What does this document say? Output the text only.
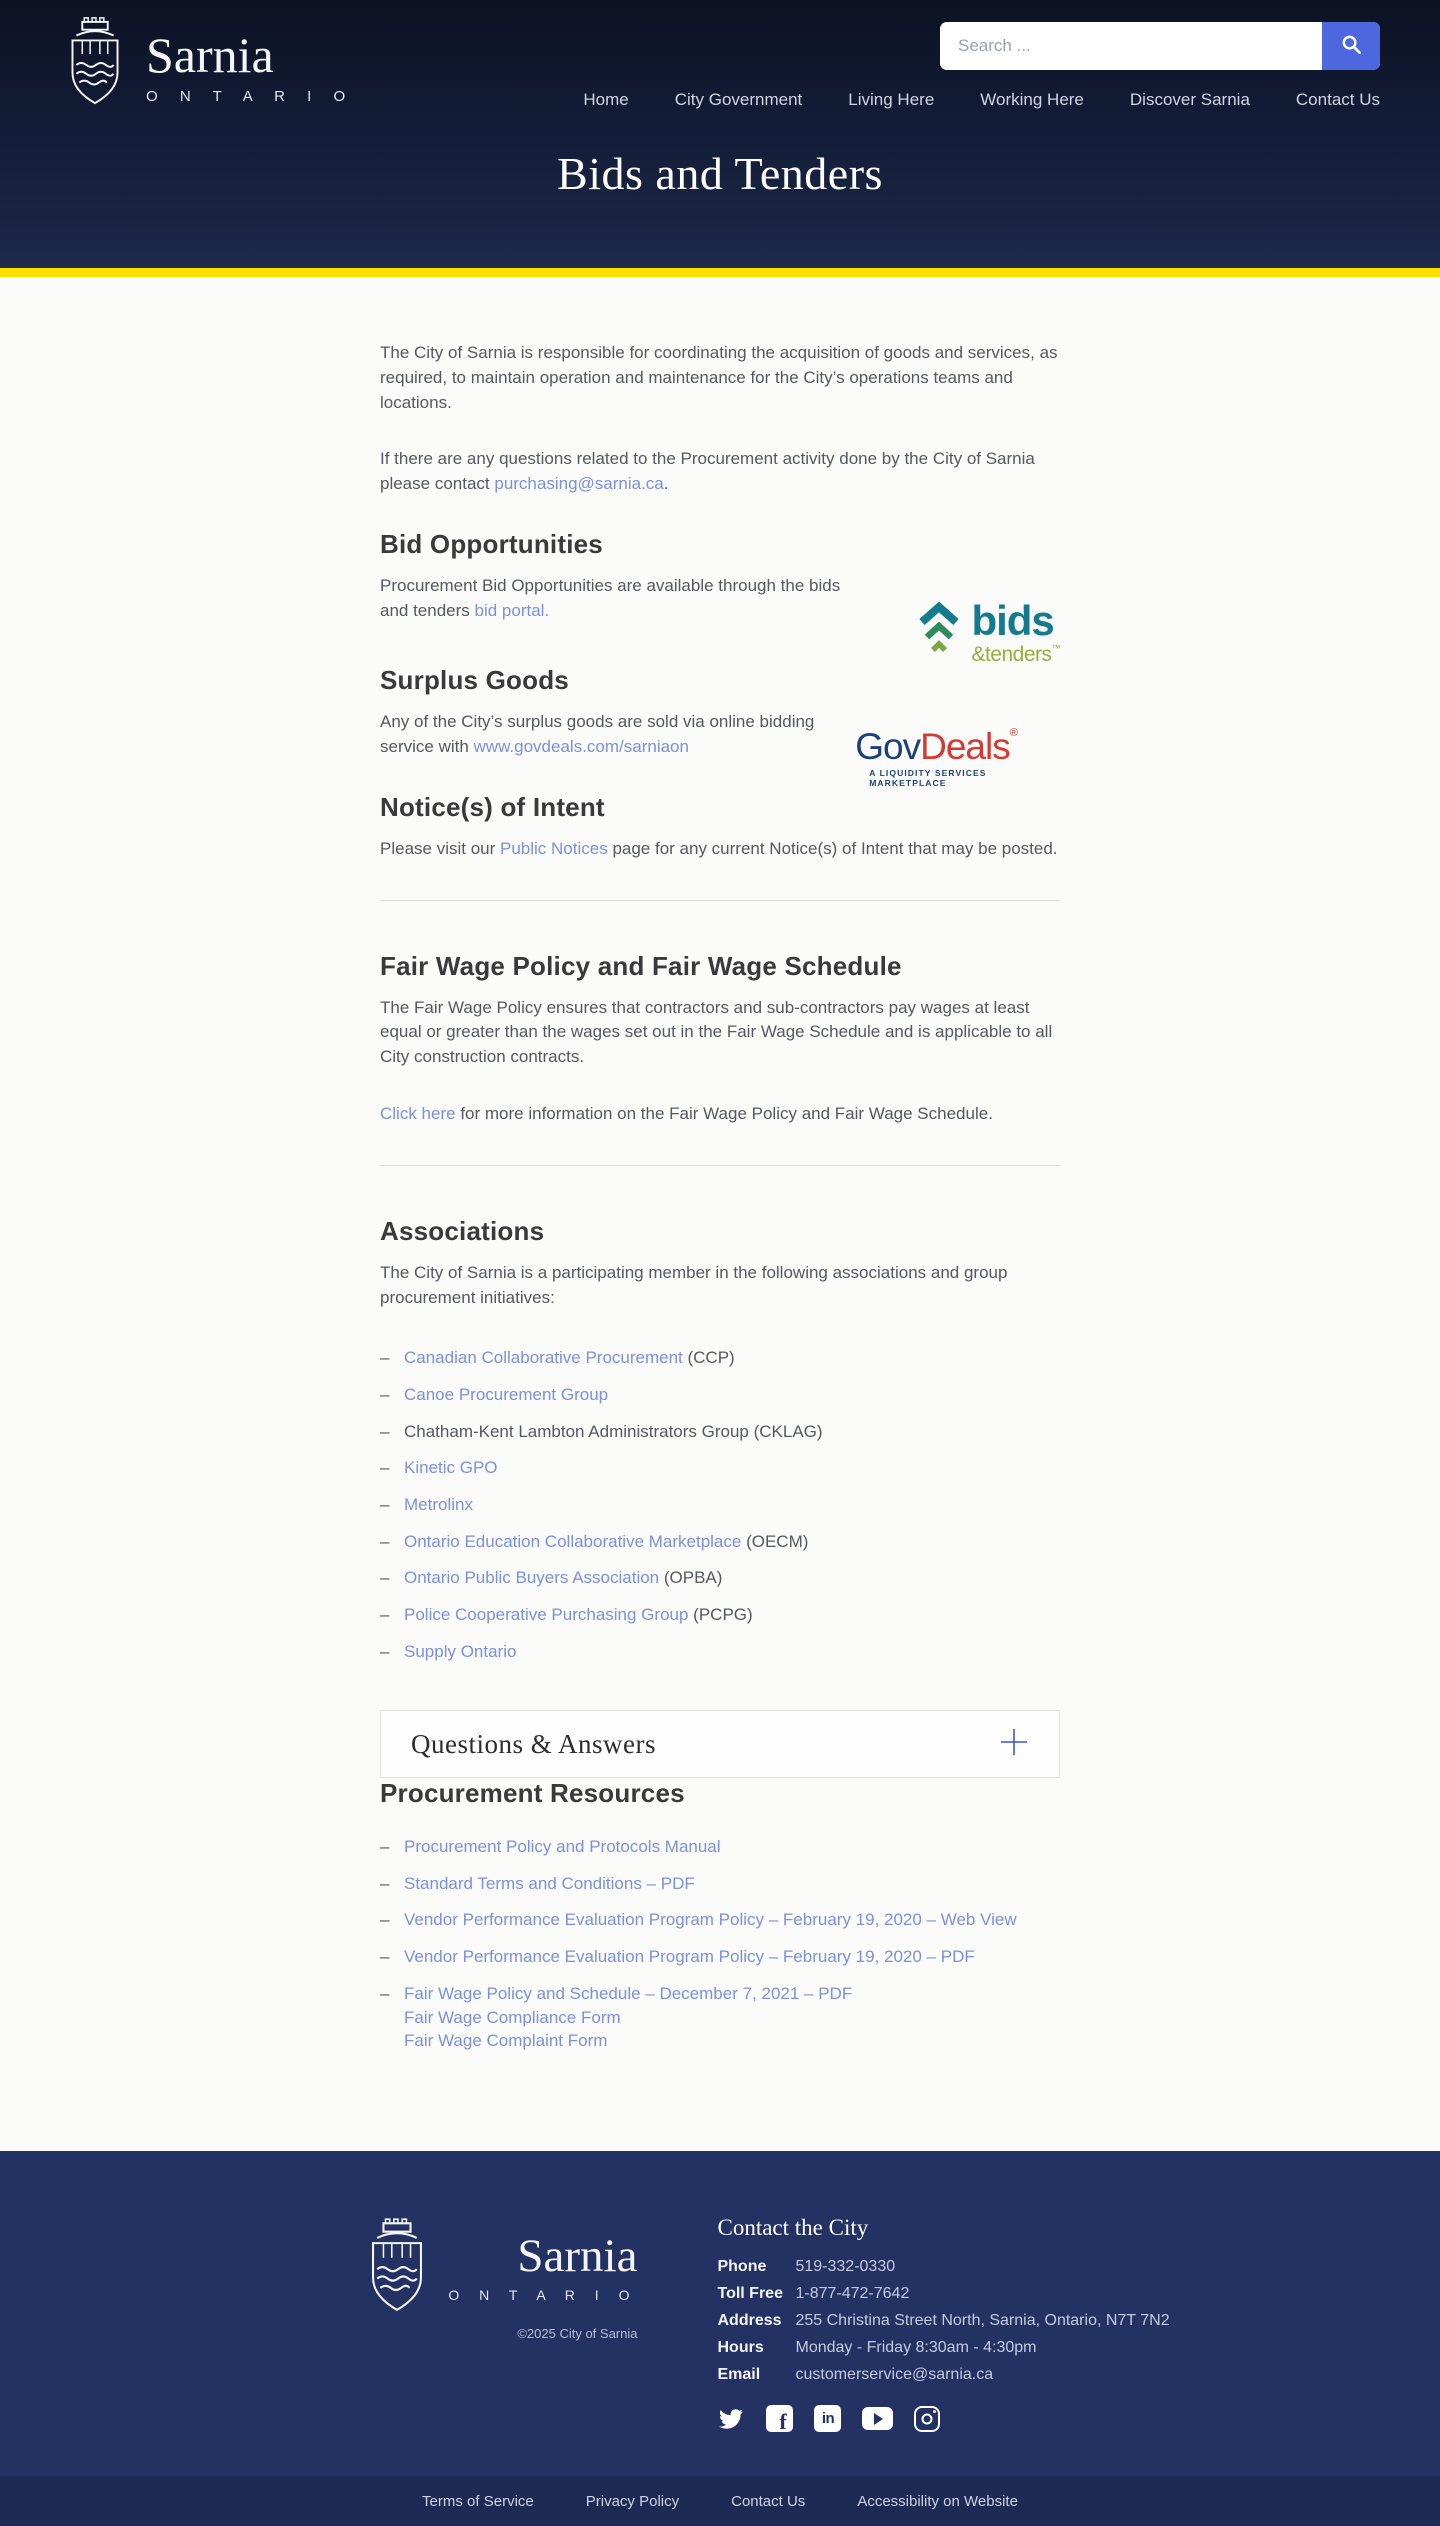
Sarnia
O N T A R I O
Search ...	Home	City Government	Living Here	Working Here	Discover Sarnia	Contact Us
Bids and Tenders

The City of Sarnia is responsible for coordinating the acquisition of goods and services, as required, to maintain operation and maintenance for the City’s operations teams and locations.

If there are any questions related to the Procurement activity done by the City of Sarnia please contact purchasing@sarnia.ca.

Bid Opportunities

Procurement Bid Opportunities are available through the bids and tenders bid portal.	bids
&tenders™
Surplus Goods

Any of the City’s surplus goods are sold via online bidding service with www.govdeals.com/sarniaon	GovDeals®
A LIQUIDITY SERVICES MARKETPLACE
Notice(s) of Intent

Please visit our Public Notices page for any current Notice(s) of Intent that may be posted.

Fair Wage Policy and Fair Wage Schedule

The Fair Wage Policy ensures that contractors and sub-contractors pay wages at least equal or greater than the wages set out in the Fair Wage Schedule and is applicable to all City construction contracts.

Click here for more information on the Fair Wage Policy and Fair Wage Schedule.

Associations

The City of Sarnia is a participating member in the following associations and group procurement initiatives:

– Canadian Collaborative Procurement (CCP)
– Canoe Procurement Group
– Chatham-Kent Lambton Administrators Group (CKLAG)
– Kinetic GPO
– Metrolinx
– Ontario Education Collaborative Marketplace (OECM)
– Ontario Public Buyers Association (OPBA)
– Police Cooperative Purchasing Group (PCPG)
– Supply Ontario
Questions & Answers
Procurement Resources
– Procurement Policy and Protocols Manual
– Standard Terms and Conditions – PDF
– Vendor Performance Evaluation Program Policy – February 19, 2020 – Web View
– Vendor Performance Evaluation Program Policy – February 19, 2020 – PDF
– Fair Wage Policy and Schedule – December 7, 2021 – PDF
Fair Wage Compliance Form
Fair Wage Complaint Form
Sarnia
O N T A R I O
©2025 City of Sarnia
Contact the City
Phone	519-332-0330
Toll Free 1-877-472-7642
Address 255 Christina Street North, Sarnia, Ontario, N7T 7N2
Hours	Monday - Friday 8:30am - 4:30pm
Email	customerservice@sarnia.ca
f in
Terms of Service	Privacy Policy	Contact Us	Accessibility on Website
